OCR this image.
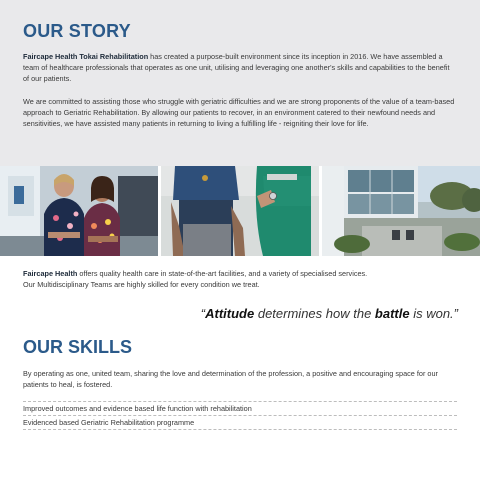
OUR STORY

Faircape Health Tokai Rehabilitation has created a purpose-built environment since its inception in 2016. We have assembled a team of healthcare professionals that operates as one unit, utilising and leveraging one another's skills and capabilities to the benefit of our patients.

We are committed to assisting those who struggle with geriatric difficulties and we are strong proponents of the value of a team-based approach to Geriatric Rehabilitation. By allowing our patients to recover, in an environment catered to their newfound needs and sensitivities, we have assisted many patients in returning to living a fulfilling life - reigniting their love for life.

Faircape Health offers quality health care in state-of-the-art facilities, and a variety of specialised services.

Our Multidisciplinary Teams are highly skilled for every condition we treat.

“Attitude determines how the battle is won.”
OUR SKILLS

By operating as one, united team, sharing the love and determination of the profession, a positive and encouraging space for our patients to heal, is fostered.

Improved outcomes and evidence based life function with rehabilitation
Evidenced based Geriatric Rehabilitation programme
